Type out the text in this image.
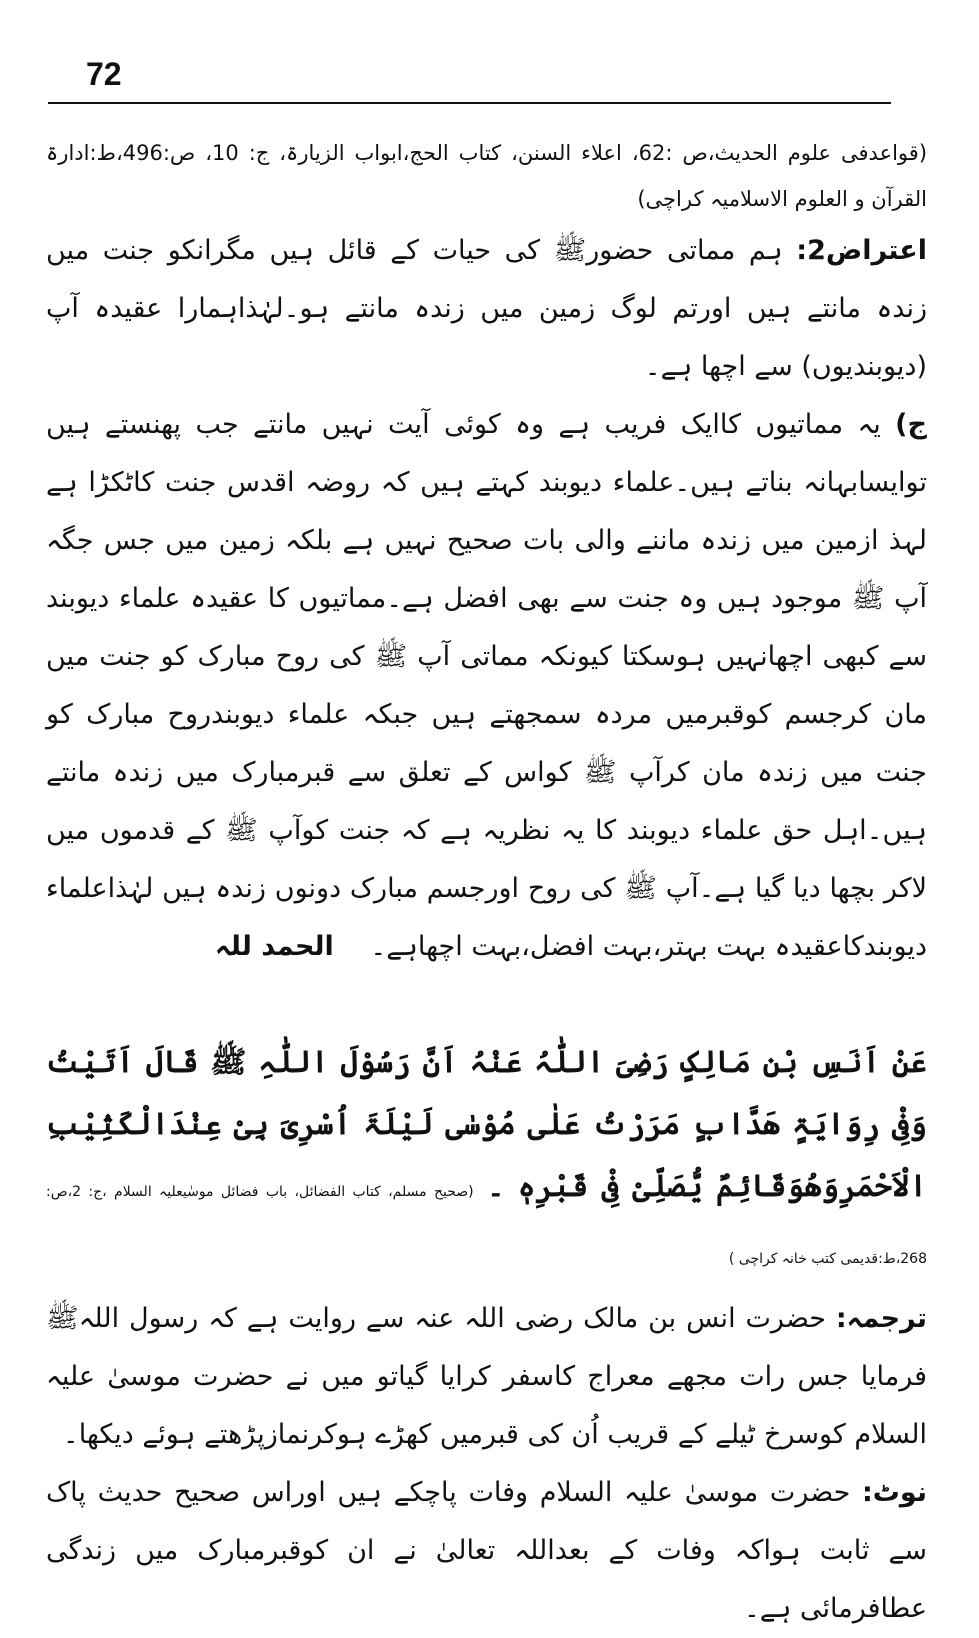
72

(قواعدفی علوم الحدیث،ص :62، اعلاء السنن، کتاب الحج،ابواب الزیارۃ، ج: 10، ص:496،ط:ادارۃ القرآن و العلوم الاسلامیہ کراچی)

اعتراض2: ہم مماتی حضورﷺ کی حیات کے قائل ہیں مگرانکو جنت میں زندہ مانتے ہیں اورتم لوگ زمین میں زندہ مانتے ہو۔لہٰذاہمارا عقیدہ آپ (دیوبندیوں) سے اچھا ہے۔

ج) یہ مماتیوں کاایک فریب ہے وہ کوئی آیت نہیں مانتے جب پھنستے ہیں توایسابہانہ بناتے ہیں۔علماء دیوبند کہتے ہیں کہ روضہ اقدس جنت کاٹکڑا ہے لہذ ازمین میں زندہ ماننے والی بات صحیح نہیں ہے بلکہ زمین میں جس جگہ آپ ﷺ موجود ہیں وہ جنت سے بھی افضل ہے۔مماتیوں کا عقیدہ علماء دیوبند سے کبھی اچھانہیں ہوسکتا کیونکہ مماتی آپ ﷺ کی روح مبارک کو جنت میں مان کرجسم کوقبرمیں مردہ سمجھتے ہیں جبکہ علماء دیوبندروح مبارک کو جنت میں زندہ مان کرآپ ﷺ کواس کے تعلق سے قبرمبارک میں زندہ مانتے ہیں۔اہل حق علماء دیوبند کا یہ نظریہ ہے کہ جنت کوآپ ﷺ کے قدموں میں لاکر بچھا دیا گیا ہے۔آپ ﷺ کی روح اورجسم مبارک دونوں زندہ ہیں لہٰذاعلماء دیوبندکاعقیدہ بہت بہتر،بہت افضل،بہت اچھاہے۔ الحمد للہ

عَنْ اَنَسِ بْنِ مَالِکٍ رَضِیَ اللّٰہُ عَنْہُ اَنَّ رَسُوْلَ اللّٰہِ ﷺ قَالَ اَتَیْتُ وَفِیْ رِوَایَۃٍ ھَدَّابٍ مَرَرْتُ عَلٰی مُوْسٰی لَیْلَۃَ اُسْرِیَ بِیْ عِنْدَالْکَثِیْبِ الْاَحْمَرِوَھُوَقَائِمٌ یُّصَلِّیْ فِیْ قَبْرِہٖ ۔ (صحیح مسلم، کتاب الفضائل، باب فضائل موسٰیعلیہ السلام ،ج: 2،ص: 268،ط:قدیمی کتب خانہ کراچی )

ترجمہ: حضرت انس بن مالک رضی اللہ عنہ سے روایت ہے کہ رسول اللہﷺ فرمایا جس رات مجھے معراج کاسفر کرایا گیاتو میں نے حضرت موسیٰ علیہ السلام کوسرخ ٹیلے کے قریب اُن کی قبرمیں کھڑے ہوکرنمازپڑھتے ہوئے دیکھا۔

نوٹ: حضرت موسیٰ علیہ السلام وفات پاچکے ہیں اوراس صحیح حدیث پاک سے ثابت ہواکہ وفات کے بعداللہ تعالیٰ نے ان کوقبرمبارک میں زندگی عطافرمائی ہے۔
